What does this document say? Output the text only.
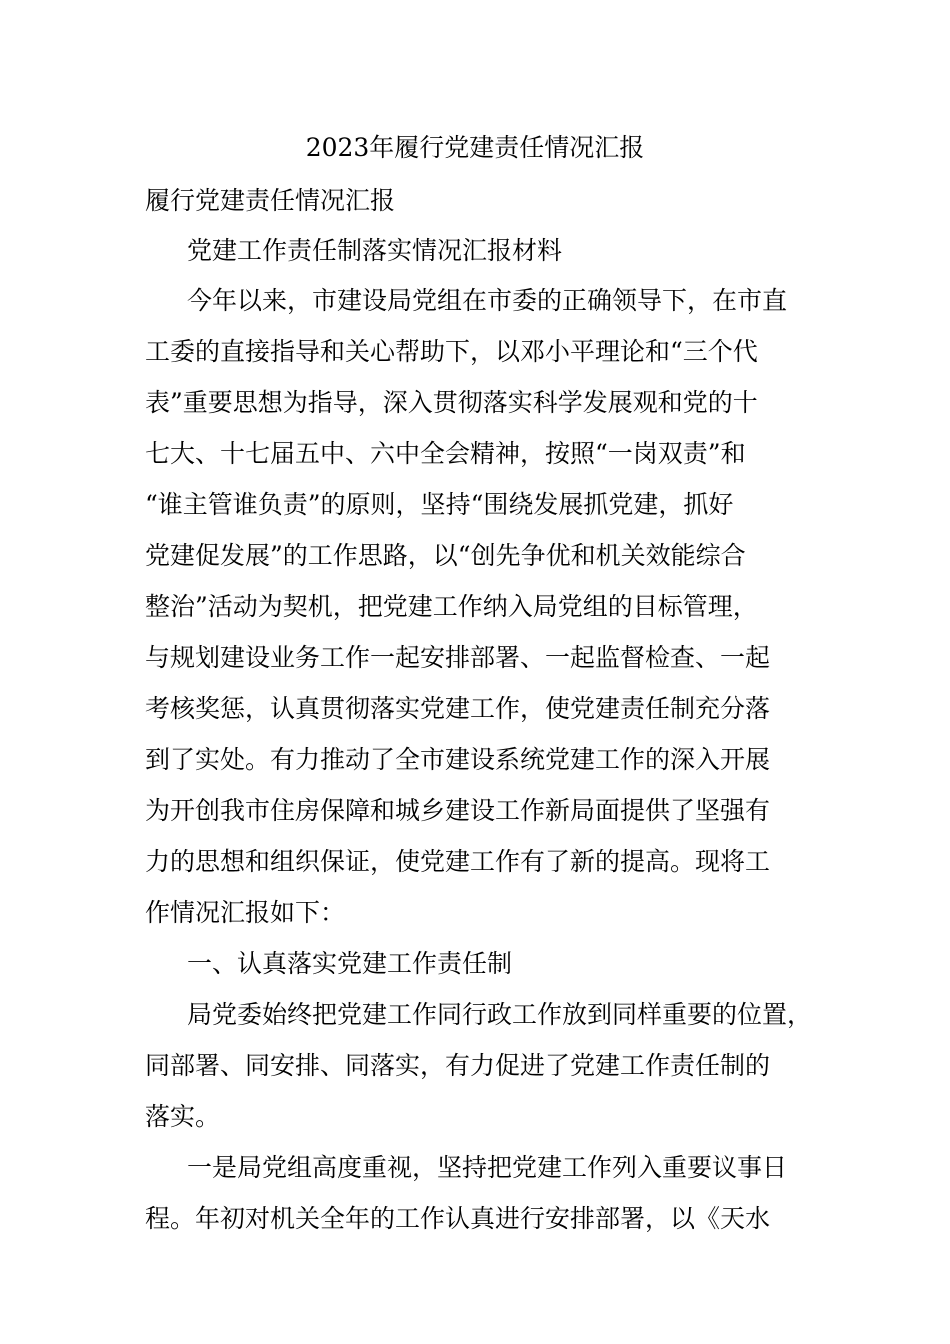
2023年履行党建责任情况汇报
履行党建责任情况汇报
党建工作责任制落实情况汇报材料
今年以来，市建设局党组在市委的正确领导下，在市直
工委的直接指导和关心帮助下，以邓小平理论和“三个代
表”重要思想为指导，深入贯彻落实科学发展观和党的十
七大、十七届五中、六中全会精神，按照“一岗双责”和
“谁主管谁负责”的原则，坚持“围绕发展抓党建，抓好
党建促发展”的工作思路，以“创先争优和机关效能综合
整治”活动为契机，把党建工作纳入局党组的目标管理，
与规划建设业务工作一起安排部署、一起监督检查、一起
考核奖惩，认真贯彻落实党建工作，使党建责任制充分落
到了实处。有力推动了全市建设系统党建工作的深入开展
为开创我市住房保障和城乡建设工作新局面提供了坚强有
力的思想和组织保证，使党建工作有了新的提高。现将工
作情况汇报如下：
一、认真落实党建工作责任制
局党委始终把党建工作同行政工作放到同样重要的位置，
同部署、同安排、同落实，有力促进了党建工作责任制的
落实。
一是局党组高度重视，坚持把党建工作列入重要议事日
程。年初对机关全年的工作认真进行安排部署，以《天水
